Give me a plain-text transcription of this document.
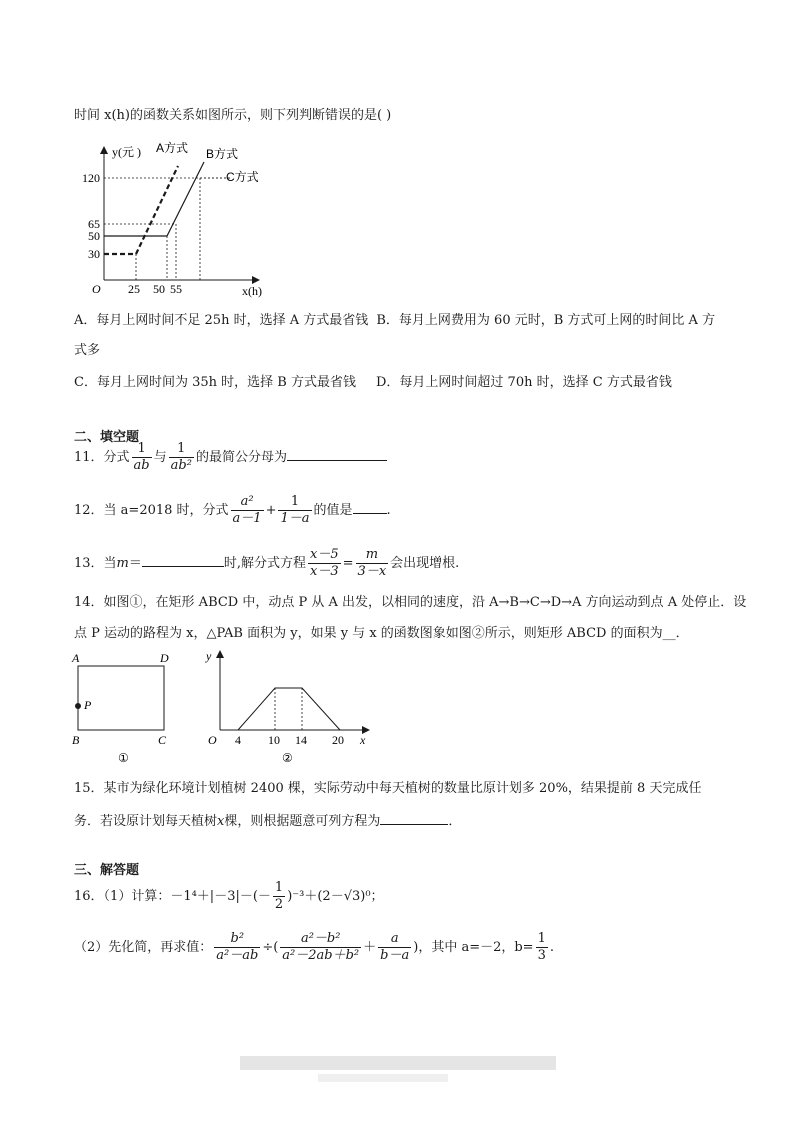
时间 x(h)的函数关系如图所示，则下列判断错误的是( )
y(元 ) A方式 B方式
C方式
120
65
50
30
O 25 50 55	x(h)
A．每月上网时间不足 25h 时，选择 A 方式最省钱 B．每月上网费用为 60 元时，B 方式可上网的时间比 A 方
式多
C．每月上网时间为 35h 时，选择 B 方式最省钱 D．每月上网时间超过 70h 时，选择 C 方式最省钱
二、填空题
11．分式 $\frac{1}{ab}$ 与 $\frac{1}{\text{ab²}}$ 的最简公分母为
12．当 a=2018 时，分式 $\frac{\text{a²}}{a-1} + \frac{1}{1-a}$ 的值是	.
13．当m＝	时,解分式方程 $\frac{x-5}{x-3} = \frac{m}{3-x}$ 会出现增根.
14．如图①，在矩形 ABCD 中，动点 P 从 A 出发，以相同的速度，沿 A→B→C→D→A 方向运动到点 A 处停止．设
点 P 运动的路程为 x，△PAB 面积为 y，如果 y 与 x 的函数图象如图②所示，则矩形 ABCD 的面积为__．
A	D
B	C
P
①
y
O 4 10 14 20 x
②
15．某市为绿化环境计划植树 2400 棵，实际劳动中每天植树的数量比原计划多 20%，结果提前 8 天完成任
务．若设原计划每天植树x棵，则根据题意可列方程为	．
三、解答题
16．（1）计算：$-1^4+|-3|-(- \frac{1}{2} )^{-3}+(2-√3)^0$；
（2）先化简，再求值： $\frac{\text{b²}}{\text{a²－ab}}$ ÷( $\frac{\text{a²－b²}}{\text{a²－2ab＋b²}} + \frac{a}{b-a}$ )，其中 a=－2，$b= \frac{1}{3}$ .
